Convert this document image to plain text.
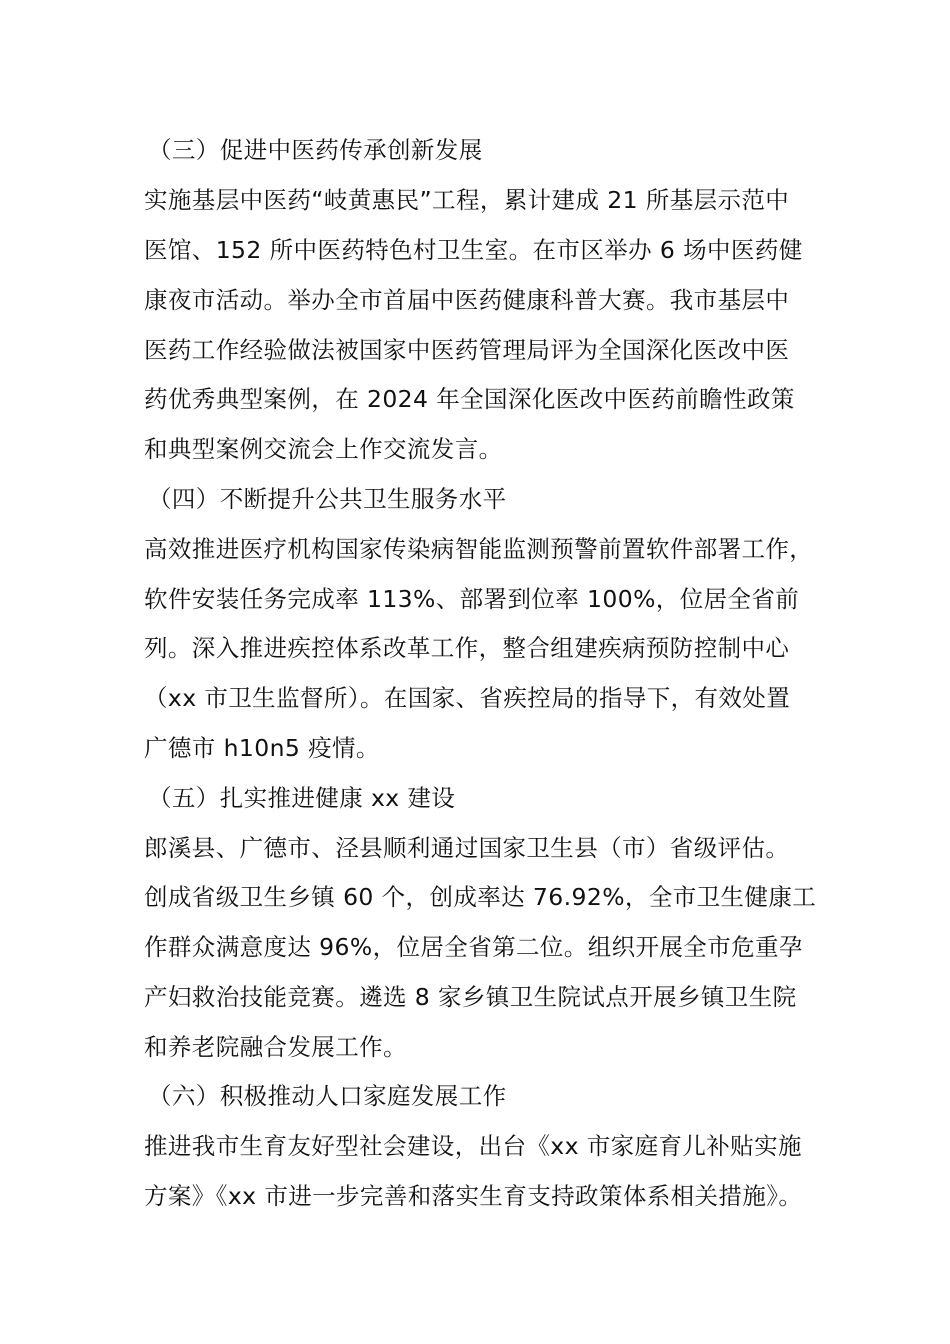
（三）促进中医药传承创新发展
实施基层中医药“岐黄惠民”工程，累计建成 21 所基层示范中
医馆、152 所中医药特色村卫生室。在市区举办 6 场中医药健
康夜市活动。举办全市首届中医药健康科普大赛。我市基层中
医药工作经验做法被国家中医药管理局评为全国深化医改中医
药优秀典型案例，在 2024 年全国深化医改中医药前瞻性政策
和典型案例交流会上作交流发言。
（四）不断提升公共卫生服务水平
高效推进医疗机构国家传染病智能监测预警前置软件部署工作，
软件安装任务完成率 113%、部署到位率 100%，位居全省前
列。深入推进疾控体系改革工作，整合组建疾病预防控制中心
（xx 市卫生监督所）。在国家、省疾控局的指导下，有效处置
广德市 h10n5 疫情。
（五）扎实推进健康 xx 建设
郎溪县、广德市、泾县顺利通过国家卫生县（市）省级评估。
创成省级卫生乡镇 60 个，创成率达 76.92%，全市卫生健康工
作群众满意度达 96%，位居全省第二位。组织开展全市危重孕
产妇救治技能竞赛。遴选 8 家乡镇卫生院试点开展乡镇卫生院
和养老院融合发展工作。
（六）积极推动人口家庭发展工作
推进我市生育友好型社会建设，出台《xx 市家庭育儿补贴实施
方案》《xx 市进一步完善和落实生育支持政策体系相关措施》。
